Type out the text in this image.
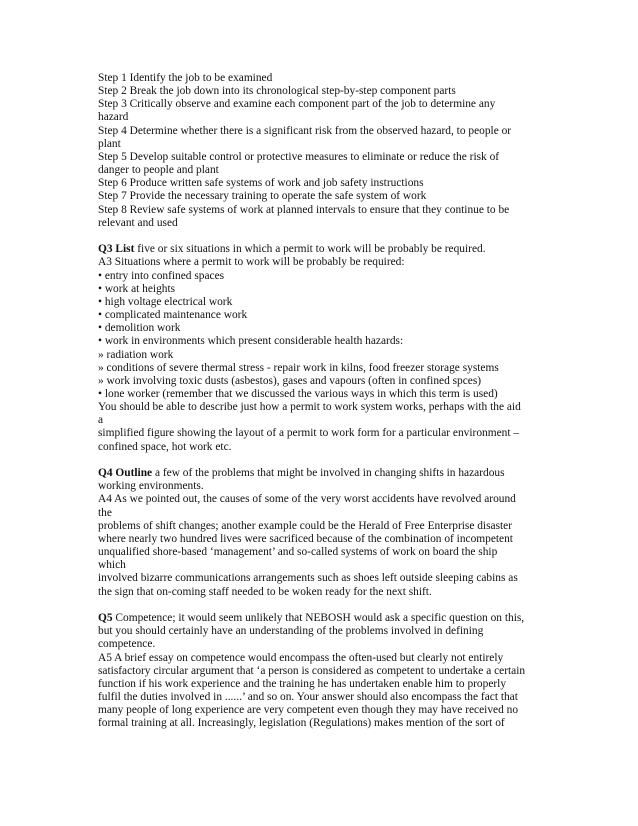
Step 1 Identify the job to be examined
Step 2 Break the job down into its chronological step-by-step component parts
Step 3 Critically observe and examine each component part of the job to determine any
hazard
Step 4 Determine whether there is a significant risk from the observed hazard, to people or
plant
Step 5 Develop suitable control or protective measures to eliminate or reduce the risk of
danger to people and plant
Step 6 Produce written safe systems of work and job safety instructions
Step 7 Provide the necessary training to operate the safe system of work
Step 8 Review safe systems of work at planned intervals to ensure that they continue to be
relevant and used
Q3 List five or six situations in which a permit to work will be probably be required.
A3 Situations where a permit to work will be probably be required:
• entry into confined spaces
• work at heights
• high voltage electrical work
• complicated maintenance work
• demolition work
• work in environments which present considerable health hazards:
» radiation work
» conditions of severe thermal stress - repair work in kilns, food freezer storage systems
» work involving toxic dusts (asbestos), gases and vapours (often in confined spces)
• lone worker (remember that we discussed the various ways in which this term is used)
You should be able to describe just how a permit to work system works, perhaps with the aid
a
simplified figure showing the layout of a permit to work form for a particular environment –
confined space, hot work etc.
Q4 Outline a few of the problems that might be involved in changing shifts in hazardous
working environments.
A4 As we pointed out, the causes of some of the very worst accidents have revolved around
the
problems of shift changes; another example could be the Herald of Free Enterprise disaster
where nearly two hundred lives were sacrificed because of the combination of incompetent
unqualified shore-based ‘management’ and so-called systems of work on board the ship
which
involved bizarre communications arrangements such as shoes left outside sleeping cabins as
the sign that on-coming staff needed to be woken ready for the next shift.
Q5 Competence; it would seem unlikely that NEBOSH would ask a specific question on this,
but you should certainly have an understanding of the problems involved in defining
competence.
A5 A brief essay on competence would encompass the often-used but clearly not entirely
satisfactory circular argument that ‘a person is considered as competent to undertake a certain
function if his work experience and the training he has undertaken enable him to properly
fulfil the duties involved in ......’ and so on. Your answer should also encompass the fact that
many people of long experience are very competent even though they may have received no
formal training at all. Increasingly, legislation (Regulations) makes mention of the sort of
